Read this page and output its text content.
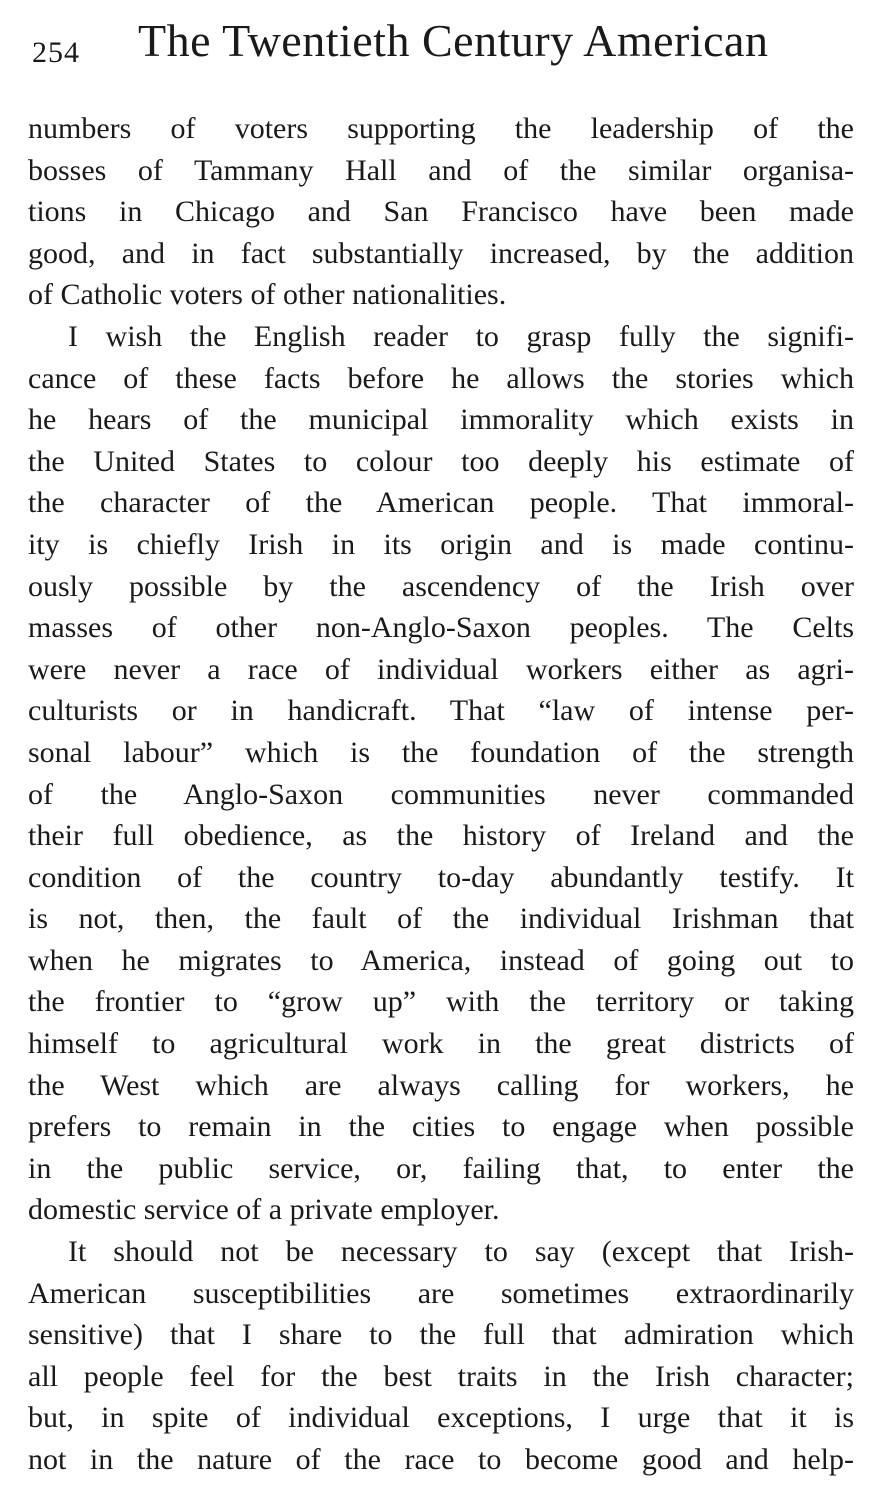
254 The Twentieth Century American
numbers of voters supporting the leadership of the
bosses of Tammany Hall and of the similar organisa-
tions in Chicago and San Francisco have been made
good, and in fact substantially increased, by the addition
of Catholic voters of other nationalities.
I wish the English reader to grasp fully the signifi-
cance of these facts before he allows the stories which
he hears of the municipal immorality which exists in
the United States to colour too deeply his estimate of
the character of the American people. That immoral-
ity is chiefly Irish in its origin and is made continu-
ously possible by the ascendency of the Irish over
masses of other non-Anglo-Saxon peoples. The Celts
were never a race of individual workers either as agri-
culturists or in handicraft. That “law of intense per-
sonal labour” which is the foundation of the strength
of the Anglo-Saxon communities never commanded
their full obedience, as the history of Ireland and the
condition of the country to-day abundantly testify. It
is not, then, the fault of the individual Irishman that
when he migrates to America, instead of going out to
the frontier to “grow up” with the territory or taking
himself to agricultural work in the great districts of
the West which are always calling for workers, he
prefers to remain in the cities to engage when possible
in the public service, or, failing that, to enter the
domestic service of a private employer.
It should not be necessary to say (except that Irish-
American susceptibilities are sometimes extraordinarily
sensitive) that I share to the full that admiration which
all people feel for the best traits in the Irish character;
but, in spite of individual exceptions, I urge that it is
not in the nature of the race to become good and help-
